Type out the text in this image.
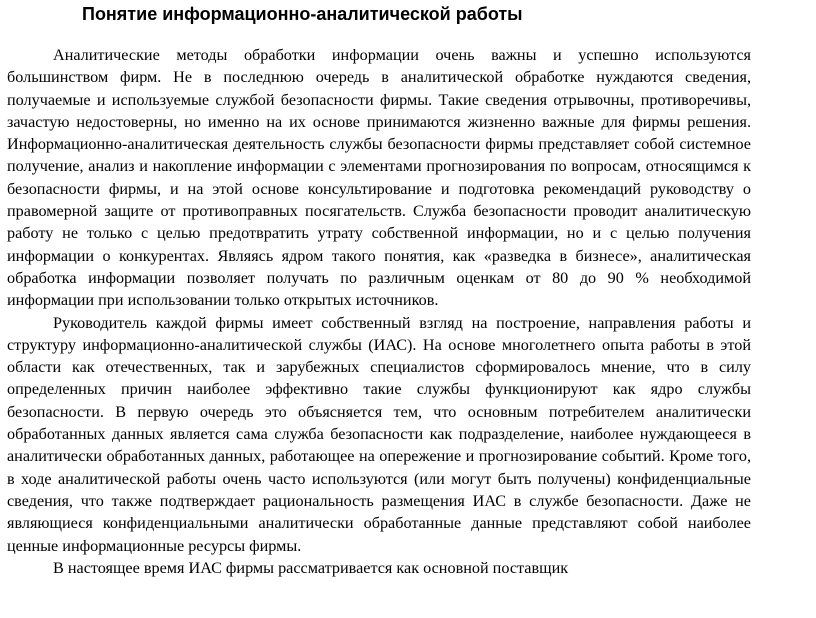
Понятие информационно-аналитической работы

Аналитические методы обработки информации очень важны и успешно используются большинством фирм. Не в последнюю очередь в аналитической обработке нуждаются сведения, получаемые и используемые службой безопасности фирмы. Такие сведения отрывочны, противоречивы, зачастую недостоверны, но именно на их основе принимаются жизненно важные для фирмы решения. Информационно-аналитическая деятельность службы безопасности фирмы представляет собой системное получение, анализ и накопление информации с элементами прогнозирования по вопросам, относящимся к безопасности фирмы, и на этой основе консультирование и подготовка рекомендаций руководству о правомерной защите от противоправных посягательств. Служба безопасности проводит аналитическую работу не только с целью предотвратить утрату собственной информации, но и с целью получения информации о конкурентах. Являясь ядром такого понятия, как «разведка в бизнесе», аналитическая обработка информации позволяет получать по различным оценкам от 80 до 90 % необходимой информации при использовании только открытых источников.

Руководитель каждой фирмы имеет собственный взгляд на построение, направления работы и структуру информационно-аналитической службы (ИАС). На основе многолетнего опыта работы в этой области как отечественных, так и зарубежных специалистов сформировалось мнение, что в силу определенных причин наиболее эффективно такие службы функционируют как ядро службы безопасности. В первую очередь это объясняется тем, что основным потребителем аналитически обработанных данных является сама служба безопасности как подразделение, наиболее нуждающееся в аналитически обработанных данных, работающее на опережение и прогнозирование событий. Кроме того, в ходе аналитической работы очень часто используются (или могут быть получены) конфиденциальные сведения, что также подтверждает рациональность размещения ИАС в службе безопасности. Даже не являющиеся конфиденциальными аналитически обработанные данные представляют собой наиболее ценные информационные ресурсы фирмы.

В настоящее время ИАС фирмы рассматривается как основной поставщик
